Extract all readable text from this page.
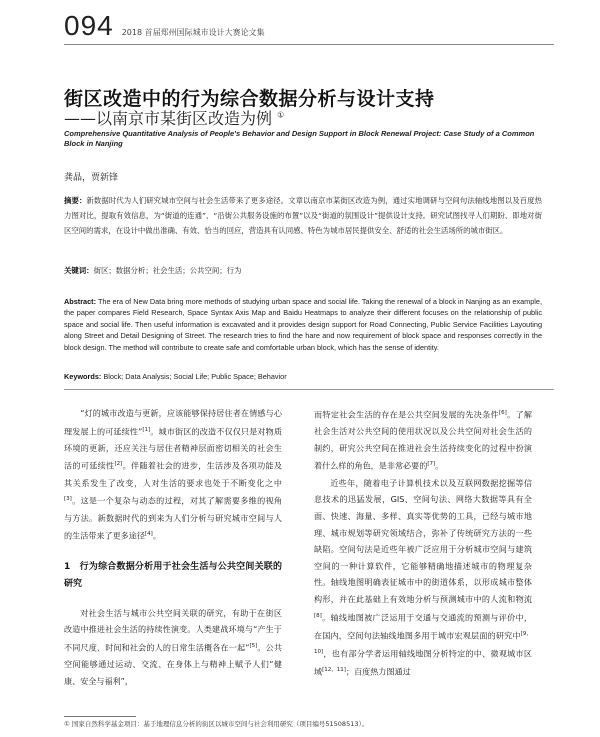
094 2018 首届郑州国际城市设计大赛论文集
街区改造中的行为综合数据分析与设计支持
——以南京市某街区改造为例 ①
Comprehensive Quantitative Analysis of People's Behavior and Design Support in Block Renewal Project: Case Study of a Common Block in Nanjing
龚晶，贾新锋
摘要：新数据时代为人们研究城市空间与社会生活带来了更多途径。文章以南京市某街区改造为例，通过实地调研与空间句法轴线地图以及百度热力图对比，提取有效信息，为“街道的连通”、“沿街公共服务设施的布置”以及“街道的氛围设计”提供设计支持。研究试图找寻人们期盼、即地对街区空间的需求，在设计中做出准确、有效、恰当的回应，营造具有认同感、特色为城市居民提供安全、舒适的社会生活场所的城市街区。
关键词：街区；数据分析；社会生活；公共空间；行为
Abstract: The era of New Data bring more methods of studying urban space and social life. Taking the renewal of a block in Nanjing as an example, the paper compares Field Research, Space Syntax Axis Map and Baidu Heatmaps to analyze their different focuses on the relationship of public space and social life. Then useful information is excavated and it provides design support for Road Connecting, Public Service Facilities Layouting along Street and Detail Designing of Street. The research tries to find the hare and now requirement of block space and responses correctly in the block design. The method will contribute to create safe and comfortable urban block, which has the sense of identity.
Keywords: Block; Data Analysis; Social Life; Public Space; Behavior

“灯的城市改造与更新，应该能够保持居住者在情感与心理发展上的可延续性”[1]。城市街区的改造不仅仅只是对物质环境的更新，还应关注与居住者精神层面密切相关的社会生活的可延续性[2]。伴随着社会的进步，生活涉及各项功能及其关系发生了改变，人对生活的要求也处于不断变化之中[3]。这是一个复杂与动态的过程，对其了解需要多维的视角与方法。新数据时代的到来为人们分析与研究城市空间与人的生活带来了更多途径[4]。

1　行为综合数据分析用于社会生活与公共空间关联的研究

对社会生活与城市公共空间关联的研究，有助于在街区改造中推进社会生活的持续性演变。人类建战环境与“产生于不同尺度、时间和社会的人的日常生活概各在一起”[5]。公共空间能够通过运动、交流、在身体上与精神上赋予人们“健康、安全与福利”，

而特定社会生活的存在是公共空间发展的先决条件[6]。了解社会生活对公共空间的使用状况以及公共空间对社会生活的制约，研究公共空间在推进社会生活持续变化的过程中扮演着什么样的角色，是非常必要的[7]。

近些年，随着电子计算机技术以及互联网数据挖掘等信息技术的迅猛发展，GIS、空间句法、网络大数据等具有全面、快速、海量、多样、真实等优势的工具，已经与城市地理、城市规划等研究领域结合，弥补了传统研究方法的一些缺陷。空间句法是近些年被广泛应用于分析城市空间与建筑空间的一种计算软件，它能够精确地描述城市的物理复杂性。轴线地图明确表征城市中的街道体系，以形成城市整体构形，并在此基础上有效地分析与预测城市中的人流和物流[8]。轴线地图被广泛运用于交通与交通流的预测与评价中，在国内，空间句法轴线地图多用于城市宏观层面的研究中[9，10]，也有部分学者运用轴线地图分析特定的中、微观城市区域[12，11]；百度热力图通过

① 国家自然科学基金项目：基于地理信息分析的街区以城市空间与社会利用研究（项目编号51508513）。
